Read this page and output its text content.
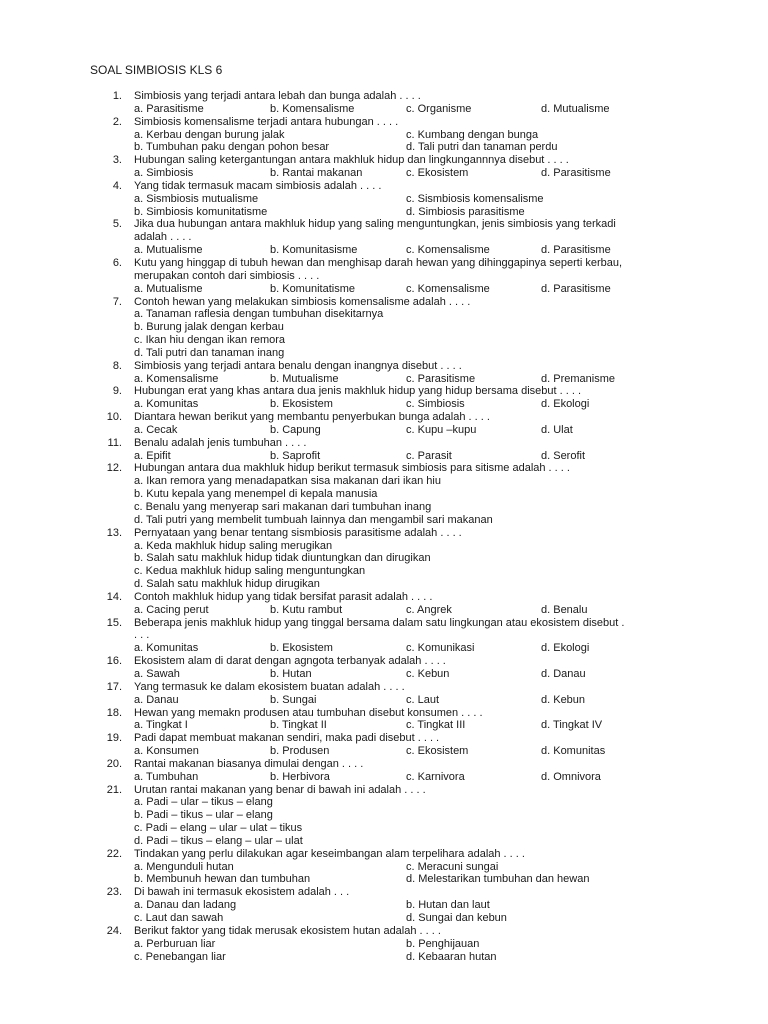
SOAL SIMBIOSIS KLS 6
1. Simbiosis yang terjadi antara lebah dan bunga adalah . . . .
a. Parasitisme	b. Komensalisme	c. Organisme	d. Mutualisme
2. Simbiosis komensalisme terjadi antara hubungan . . . .
a. Kerbau dengan burung jalak	c. Kumbang dengan bunga
b. Tumbuhan paku dengan pohon besar	d. Tali putri dan tanaman perdu
3. Hubungan saling ketergantungan antara makhluk hidup dan lingkungannnya disebut . . . .
a. Simbiosis	b. Rantai makanan	c. Ekosistem	d. Parasitisme
4. Yang tidak termasuk macam simbiosis adalah . . . .
a. Sismbiosis mutualisme	c. Sismbiosis komensalisme
b. Simbiosis komunitatisme	d. Simbiosis parasitisme
5. Jika dua hubungan antara makhluk hidup yang saling menguntungkan, jenis simbiosis yang terkadi
adalah . . . .
a. Mutualisme	b. Komunitasisme	c. Komensalisme	d. Parasitisme
6. Kutu yang hinggap di tubuh hewan dan menghisap darah hewan yang dihinggapinya seperti kerbau,
merupakan contoh dari simbiosis . . . .
a. Mutualisme	b. Komunitatisme	c. Komensalisme	d. Parasitisme
7. Contoh hewan yang melakukan simbiosis komensalisme adalah . . . .
a. Tanaman raflesia dengan tumbuhan disekitarnya
b. Burung jalak dengan kerbau
c. Ikan hiu dengan ikan remora
d. Tali putri dan tanaman inang
8. Simbiosis yang terjadi antara benalu dengan inangnya disebut . . . .
a. Komensalisme	b. Mutualisme	c. Parasitisme	d. Premanisme
9. Hubungan erat yang khas antara dua jenis makhluk hidup yang hidup bersama disebut . . . .
a. Komunitas	b. Ekosistem	c. Simbiosis	d. Ekologi
10. Diantara hewan berikut yang membantu penyerbukan bunga adalah . . . .
a. Cecak	b. Capung	c. Kupu –kupu	d. Ulat
11. Benalu adalah jenis tumbuhan . . . .
a. Epifit	b. Saprofit	c. Parasit	d. Serofit
12. Hubungan antara dua makhluk hidup berikut termasuk simbiosis para sitisme adalah . . . .
a. Ikan remora yang menadapatkan sisa makanan dari ikan hiu
b. Kutu kepala yang menempel di kepala manusia
c. Benalu yang menyerap sari makanan dari tumbuhan inang
d. Tali putri yang membelit tumbuah lainnya dan mengambil sari makanan
13. Pernyataan yang benar tentang sismbiosis parasitisme adalah . . . .
a. Keda makhluk hidup saling merugikan
b. Salah satu makhluk hidup tidak diuntungkan dan dirugikan
c. Kedua makhluk hidup saling menguntungkan
d. Salah satu makhluk hidup dirugikan
14. Contoh makhluk hidup yang tidak bersifat parasit adalah . . . .
a. Cacing perut	b. Kutu rambut	c. Angrek	d. Benalu
15. Beberapa jenis makhluk hidup yang tinggal bersama dalam satu lingkungan atau ekosistem disebut .
. . .
a. Komunitas	b. Ekosistem	c. Komunikasi	d. Ekologi
16. Ekosistem alam di darat dengan agngota terbanyak adalah . . . .
a. Sawah	b. Hutan	c. Kebun	d. Danau
17. Yang termasuk ke dalam ekosistem buatan adalah . . . .
a. Danau	b. Sungai	c. Laut	d. Kebun
18. Hewan yang memakn produsen atau tumbuhan disebut konsumen . . . .
a. Tingkat I	b. Tingkat II	c. Tingkat III	d. Tingkat IV
19. Padi dapat membuat makanan sendiri, maka padi disebut . . . .
a. Konsumen	b. Produsen	c. Ekosistem	d. Komunitas
20. Rantai makanan biasanya dimulai dengan . . . .
a. Tumbuhan	b. Herbivora	c. Karnivora	d. Omnivora
21. Urutan rantai makanan yang benar di bawah ini adalah . . . .
a. Padi – ular – tikus – elang
b. Padi – tikus – ular – elang
c. Padi – elang – ular – ulat – tikus
d. Padi – tikus – elang – ular – ulat
22. Tindakan yang perlu dilakukan agar keseimbangan alam terpelihara adalah . . . .
a. Mengunduli hutan	c. Meracuni sungai
b. Membunuh hewan dan tumbuhan	d. Melestarikan tumbuhan dan hewan
23. Di bawah ini termasuk ekosistem adalah . . .
a. Danau dan ladang	b. Hutan dan laut
c. Laut dan sawah	d. Sungai dan kebun
24. Berikut faktor yang tidak merusak ekosistem hutan adalah . . . .
a. Perburuan liar	b. Penghijauan
c. Penebangan liar	d. Kebaaran hutan
